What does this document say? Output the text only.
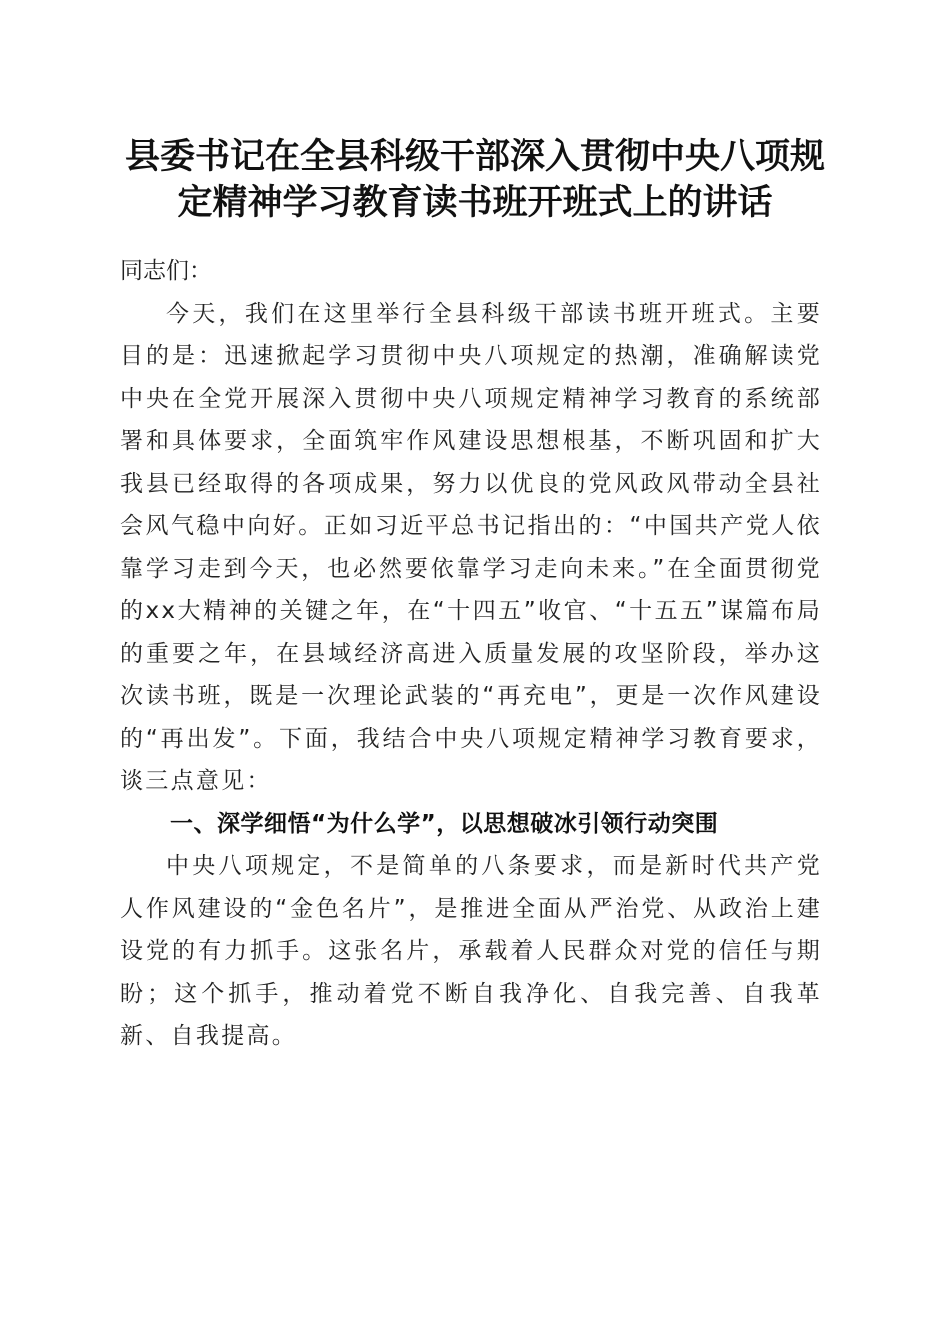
县委书记在全县科级干部深入贯彻中央八项规
定精神学习教育读书班开班式上的讲话

同志们：

今天，我们在这里举行全县科级干部读书班开班式。主要目的是：迅速掀起学习贯彻中央八项规定的热潮，准确解读党中央在全党开展深入贯彻中央八项规定精神学习教育的系统部署和具体要求，全面筑牢作风建设思想根基，不断巩固和扩大我县已经取得的各项成果，努力以优良的党风政风带动全县社会风气稳中向好。正如习近平总书记指出的：“中国共产党人依靠学习走到今天，也必然要依靠学习走向未来。”在全面贯彻党的xx大精神的关键之年，在“十四五”收官、“十五五”谋篇布局的重要之年，在县域经济高进入质量发展的攻坚阶段，举办这次读书班，既是一次理论武装的“再充电”，更是一次作风建设的“再出发”。下面，我结合中央八项规定精神学习教育要求，谈三点意见：

一、深学细悟“为什么学”，以思想破冰引领行动突围

中央八项规定，不是简单的八条要求，而是新时代共产党人作风建设的“金色名片”，是推进全面从严治党、从政治上建设党的有力抓手。这张名片，承载着人民群众对党的信任与期盼；这个抓手，推动着党不断自我净化、自我完善、自我革新、自我提高。
